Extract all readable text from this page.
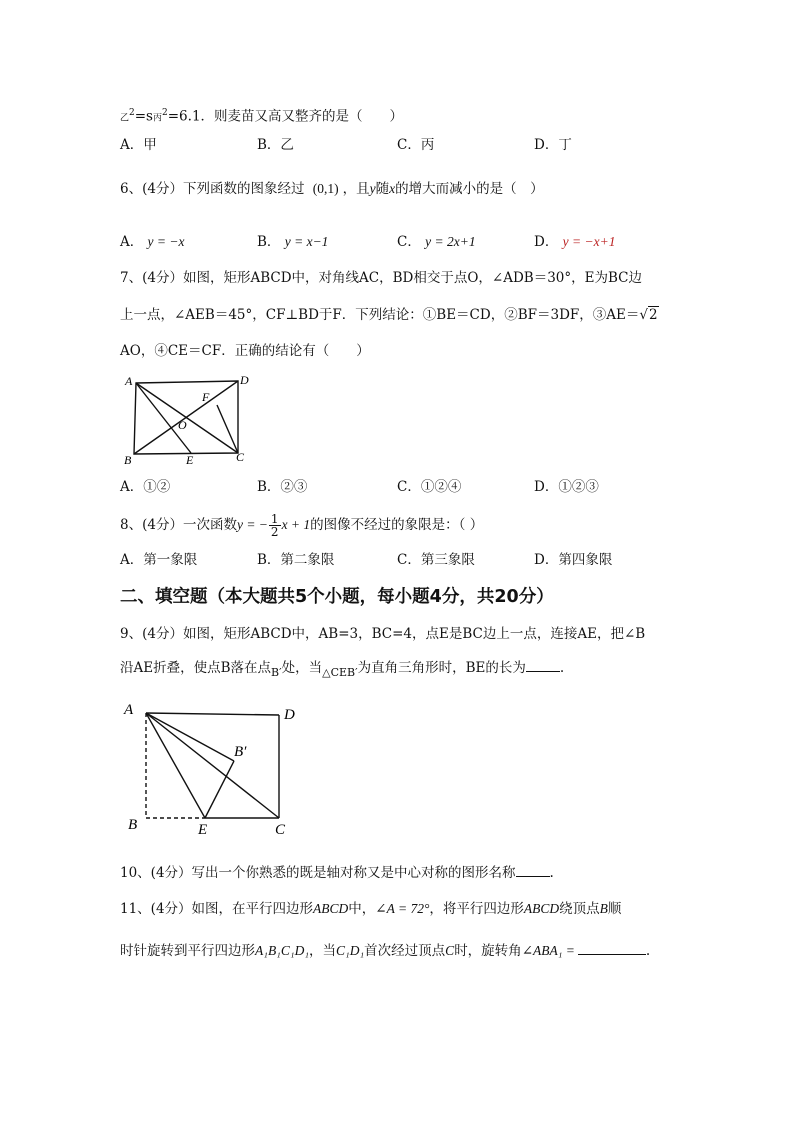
乙$^2$=s丙$^2$=6.1．则麦苗又高又整齐的是（　　）
A．甲	B．乙	C．丙	D．丁
6、(4分）下列函数的图象经过 (0,1) ，且y随x的增大而减小的是（　）
A． y = −x	B． y = x−1	C． y = 2x+1	D． y = −x+1
7、(4分）如图，矩形ABCD中，对角线AC，BD相交于点O，∠ADB＝30°，E为BC边
上一点，∠AEB＝45°，CF⊥BD于F．下列结论：①BE＝CD，②BF＝3DF，③AE＝√2
AO，④CE＝CF．正确的结论有（　　）
A	D
F
O
B	E	C
A．①②	B．②③	C．①②④	D．①②③
8、(4分）一次函数y = − $\frac{1}{2}$ x + 1的图像不经过的象限是：（ ）
A．第一象限	B．第二象限	C．第三象限	D．第四象限
二、填空题（本大题共5个小题，每小题4分，共20分）
9、(4分）如图，矩形ABCD中，AB=3，BC=4，点E是BC边上一点，连接AE，把∠B
沿AE折叠，使点B落在点$_{B'}$处，当$_{\triangle CEB'}$为直角三角形时，BE的长为	.
A	D
B′
B	E	C
10、(4分）写出一个你熟悉的既是轴对称又是中心对称的图形名称	.
11、(4分）如图，在平行四边形ABCD中，∠A = 72°，将平行四边形ABCD绕顶点B顺
时针旋转到平行四边形A₁B₁C₁D₁，当C₁D₁首次经过顶点C时，旋转角∠ABA₁ =	.
